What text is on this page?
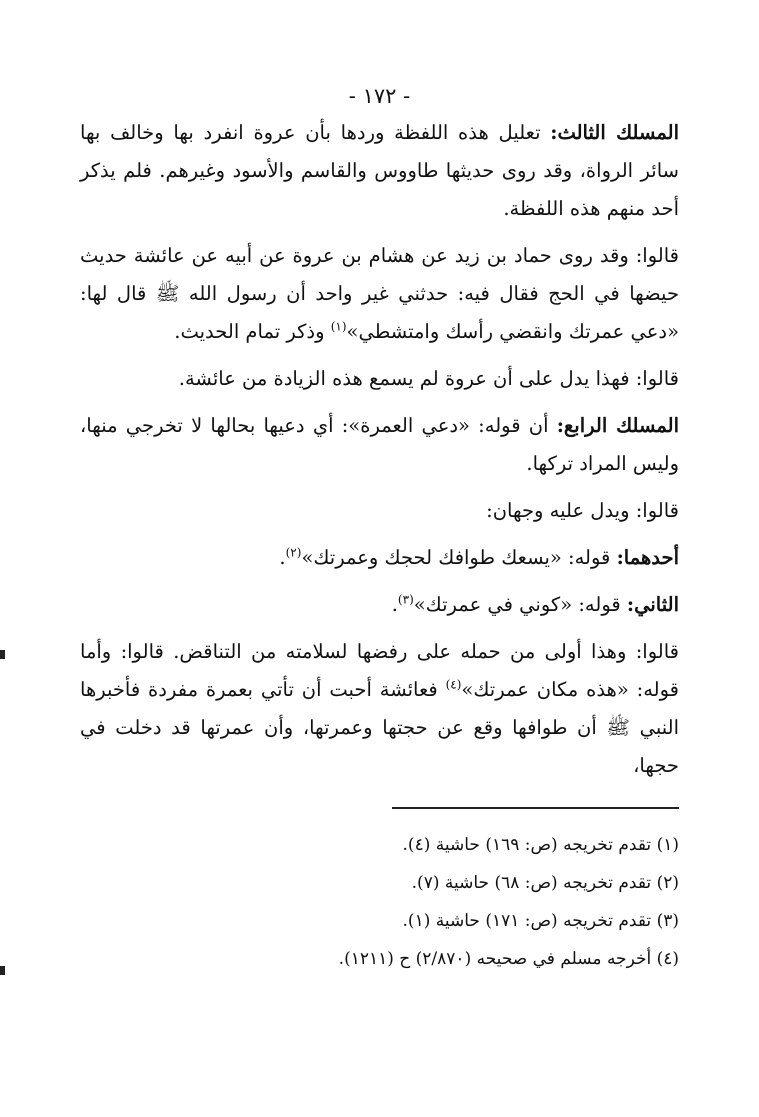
- ١٧٢ -

المسلك الثالث: تعليل هذه اللفظة وردها بأن عروة انفرد بها وخالف بها سائر الرواة، وقد روى حديثها طاووس والقاسم والأسود وغيرهم. فلم يذكر أحد منهم هذه اللفظة.

قالوا: وقد روى حماد بن زيد عن هشام بن عروة عن أبيه عن عائشة حديث حيضها في الحج فقال فيه: حدثني غير واحد أن رسول الله ﷺ قال لها: «دعي عمرتك وانقضي رأسك وامتشطي»$^{(١)}$ وذكر تمام الحديث.

قالوا: فهذا يدل على أن عروة لم يسمع هذه الزيادة من عائشة.

المسلك الرابع: أن قوله: «دعي العمرة»: أي دعيها بحالها لا تخرجي منها، وليس المراد تركها.

قالوا: ويدل عليه وجهان:

أحدهما: قوله: «يسعك طوافك لحجك وعمرتك»$^{(٢)}$.

الثاني: قوله: «كوني في عمرتك»$^{(٣)}$.

قالوا: وهذا أولى من حمله على رفضها لسلامته من التناقض. قالوا: وأما قوله: «هذه مكان عمرتك»$^{(٤)}$ فعائشة أحبت أن تأتي بعمرة مفردة فأخبرها النبي ﷺ أن طوافها وقع عن حجتها وعمرتها، وأن عمرتها قد دخلت في حجها،

(١) تقدم تخريجه (ص: ١٦٩) حاشية (٤).
(٢) تقدم تخريجه (ص: ٦٨) حاشية (٧).
(٣) تقدم تخريجه (ص: ١٧١) حاشية (١).
(٤) أخرجه مسلم في صحيحه (٢/٨٧٠) ح (١٢١١).
